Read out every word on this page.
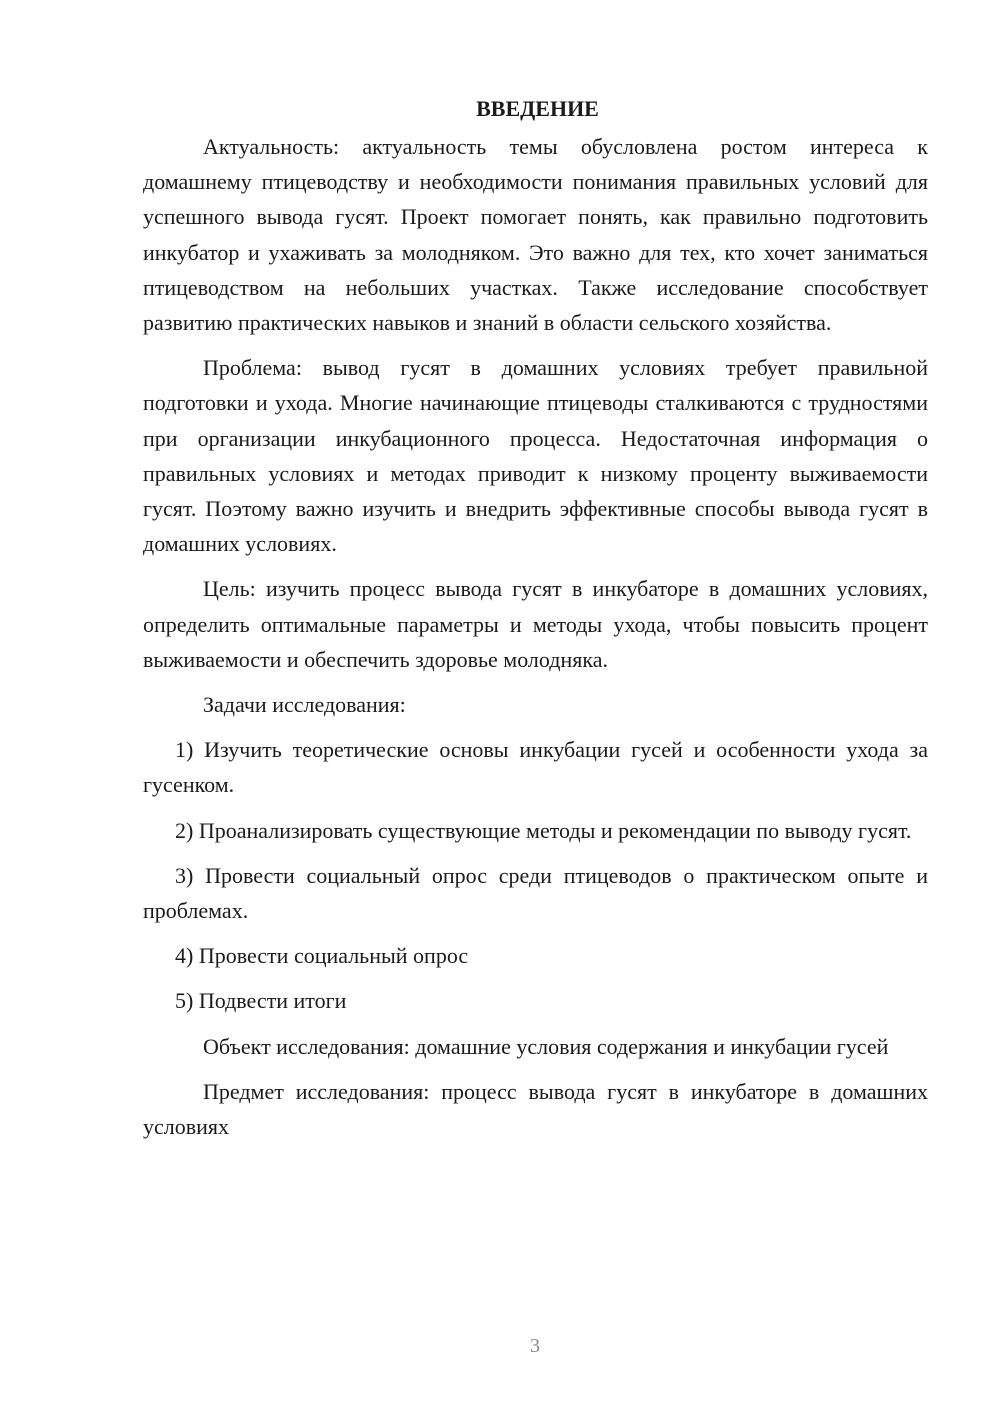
ВВЕДЕНИЕ

Актуальность: актуальность темы обусловлена ростом интереса к домашнему птицеводству и необходимости понимания правильных условий для успешного вывода гусят. Проект помогает понять, как правильно подготовить инкубатор и ухаживать за молодняком. Это важно для тех, кто хочет заниматься птицеводством на небольших участках. Также исследование способствует развитию практических навыков и знаний в области сельского хозяйства.

Проблема: вывод гусят в домашних условиях требует правильной подготовки и ухода. Многие начинающие птицеводы сталкиваются с трудностями при организации инкубационного процесса. Недостаточная информация о правильных условиях и методах приводит к низкому проценту выживаемости гусят. Поэтому важно изучить и внедрить эффективные способы вывода гусят в домашних условиях.

Цель: изучить процесс вывода гусят в инкубаторе в домашних условиях, определить оптимальные параметры и методы ухода, чтобы повысить процент выживаемости и обеспечить здоровье молодняка.

Задачи исследования:

1) Изучить теоретические основы инкубации гусей и особенности ухода за гусенком.

2) Проанализировать существующие методы и рекомендации по выводу гусят.

3) Провести социальный опрос среди птицеводов о практическом опыте и проблемах.

4) Провести социальный опрос

5) Подвести итоги

Объект исследования: домашние условия содержания и инкубации гусей

Предмет исследования: процесс вывода гусят в инкубаторе в домашних условиях

3
